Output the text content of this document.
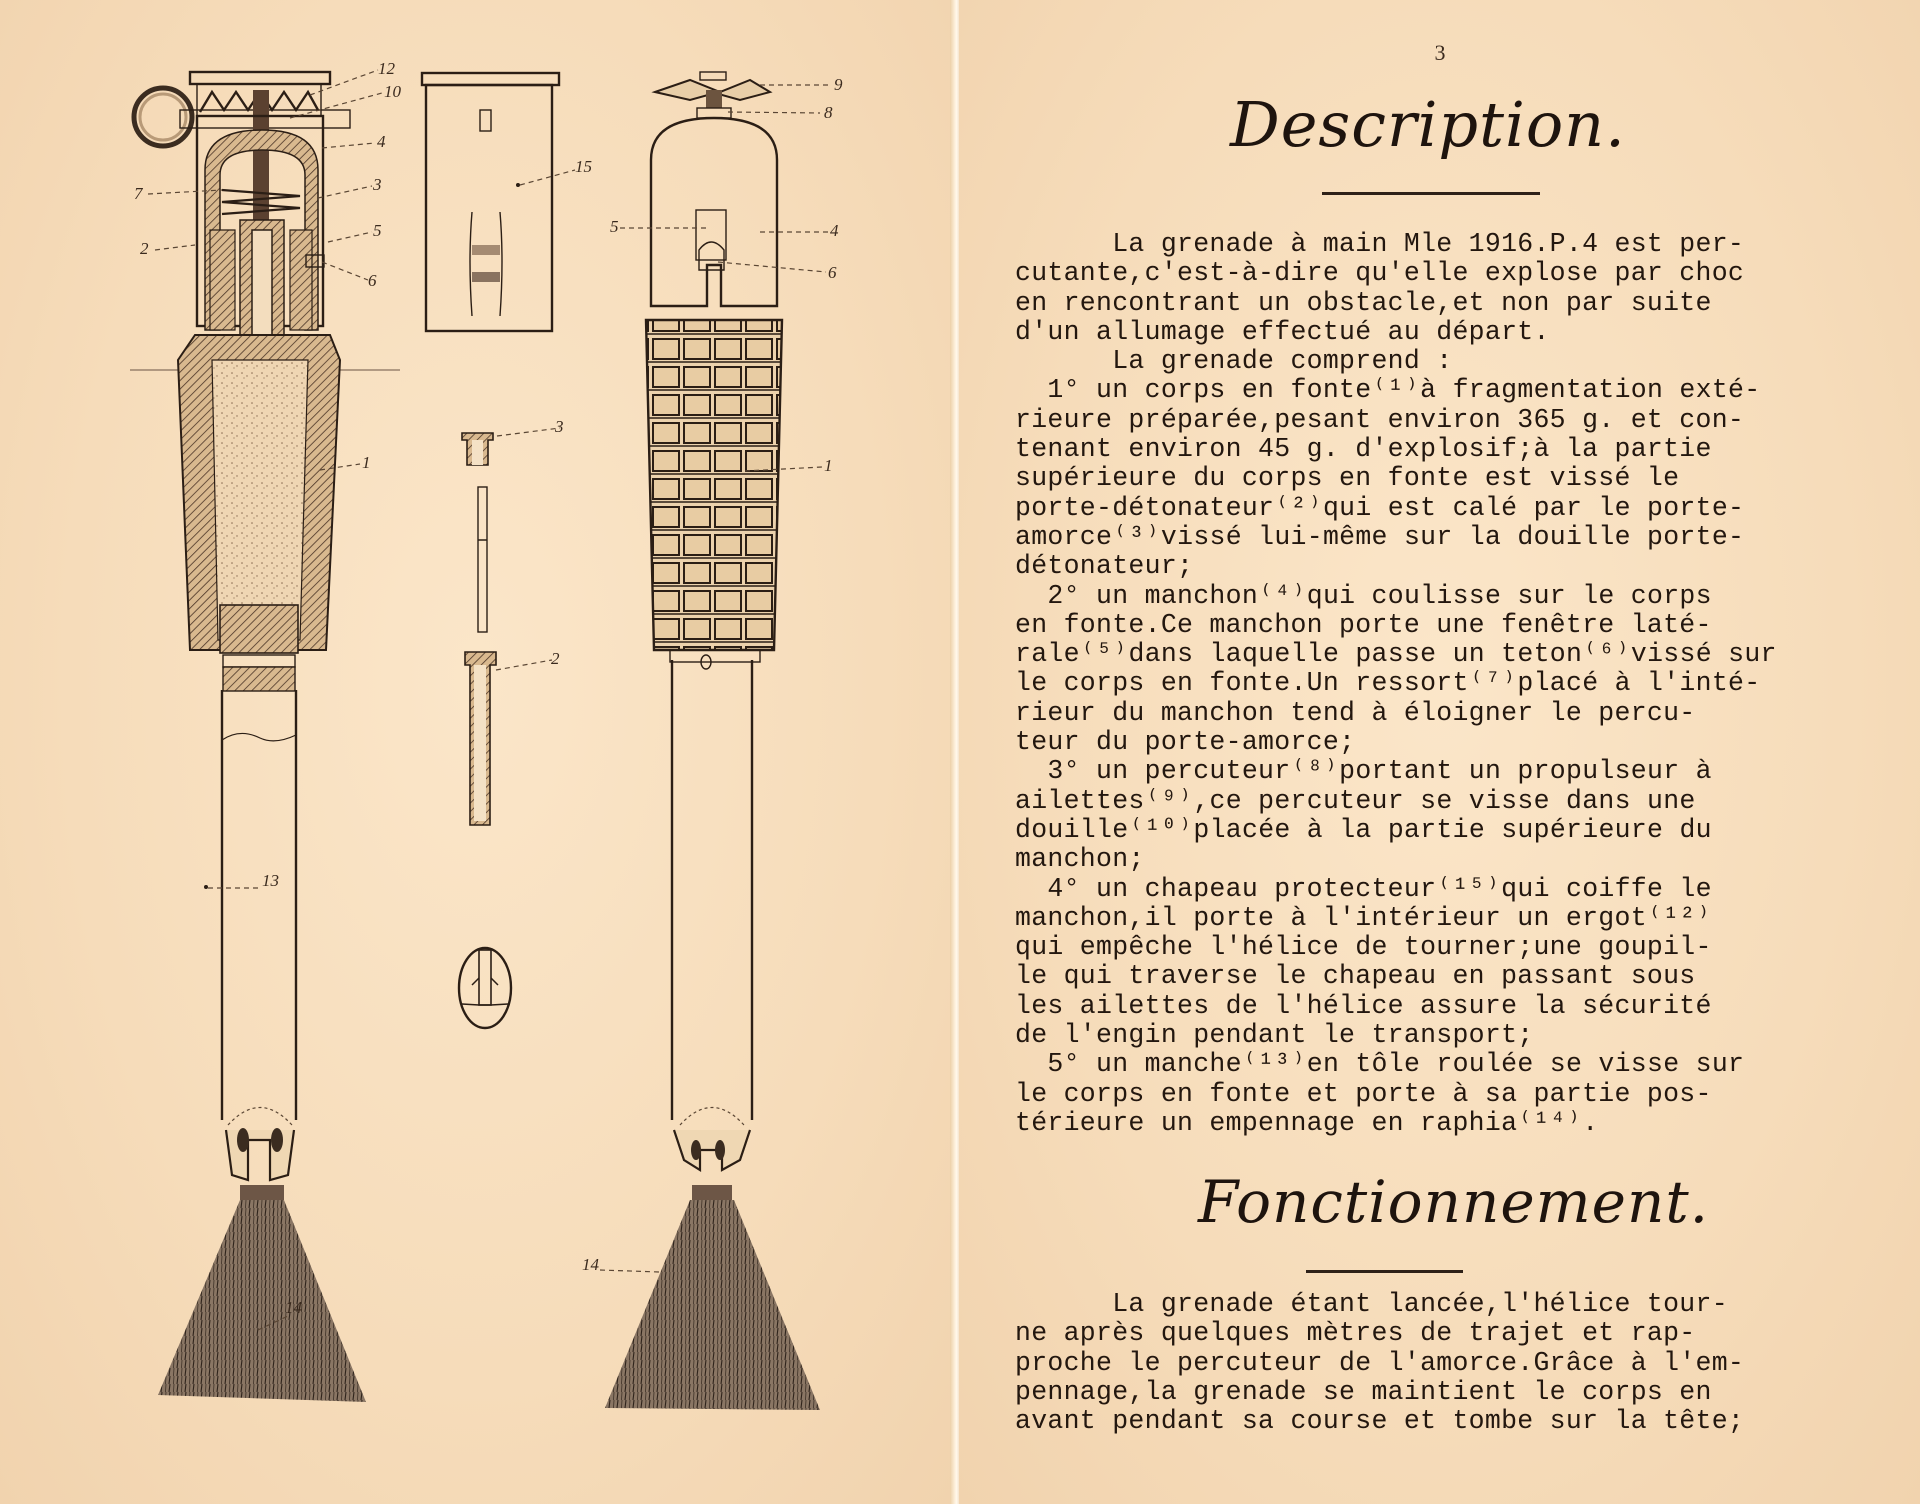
12
10
4
7	3
2
5
6
1
13
14
15
3
2
9
8
5	4
6
1
14
3
Description.
La grenade à main Mle 1916.P.4 est per-
cutante,c'est-à-dire qu'elle explose par choc
en rencontrant un obstacle,et non par suite
d'un allumage effectué au départ.
La grenade comprend :
1° un corps en fonte⁽¹⁾à fragmentation exté-
rieure préparée,pesant environ 365 g. et con-
tenant environ 45 g. d'explosif;à la partie
supérieure du corps en fonte est vissé le
porte-détonateur⁽²⁾qui est calé par le porte-
amorce⁽³⁾vissé lui-même sur la douille porte-
détonateur;
2° un manchon⁽⁴⁾qui coulisse sur le corps
en fonte.Ce manchon porte une fenêtre laté-
rale⁽⁵⁾dans laquelle passe un teton⁽⁶⁾vissé sur
le corps en fonte.Un ressort⁽⁷⁾placé à l'inté-
rieur du manchon tend à éloigner le percu-
teur du porte-amorce;
3° un percuteur⁽⁸⁾portant un propulseur à
ailettes⁽⁹⁾,ce percuteur se visse dans une
douille⁽¹⁰⁾placée à la partie supérieure du
manchon;
4° un chapeau protecteur⁽¹⁵⁾qui coiffe le
manchon,il porte à l'intérieur un ergot⁽¹²⁾
qui empêche l'hélice de tourner;une goupil-
le qui traverse le chapeau en passant sous
les ailettes de l'hélice assure la sécurité
de l'engin pendant le transport;
5° un manche⁽¹³⁾en tôle roulée se visse sur
le corps en fonte et porte à sa partie pos-
térieure un empennage en raphia⁽¹⁴⁾.
Fonctionnement.
La grenade étant lancée,l'hélice tour-
ne après quelques mètres de trajet et rap-
proche le percuteur de l'amorce.Grâce à l'em-
pennage,la grenade se maintient le corps en
avant pendant sa course et tombe sur la tête;
